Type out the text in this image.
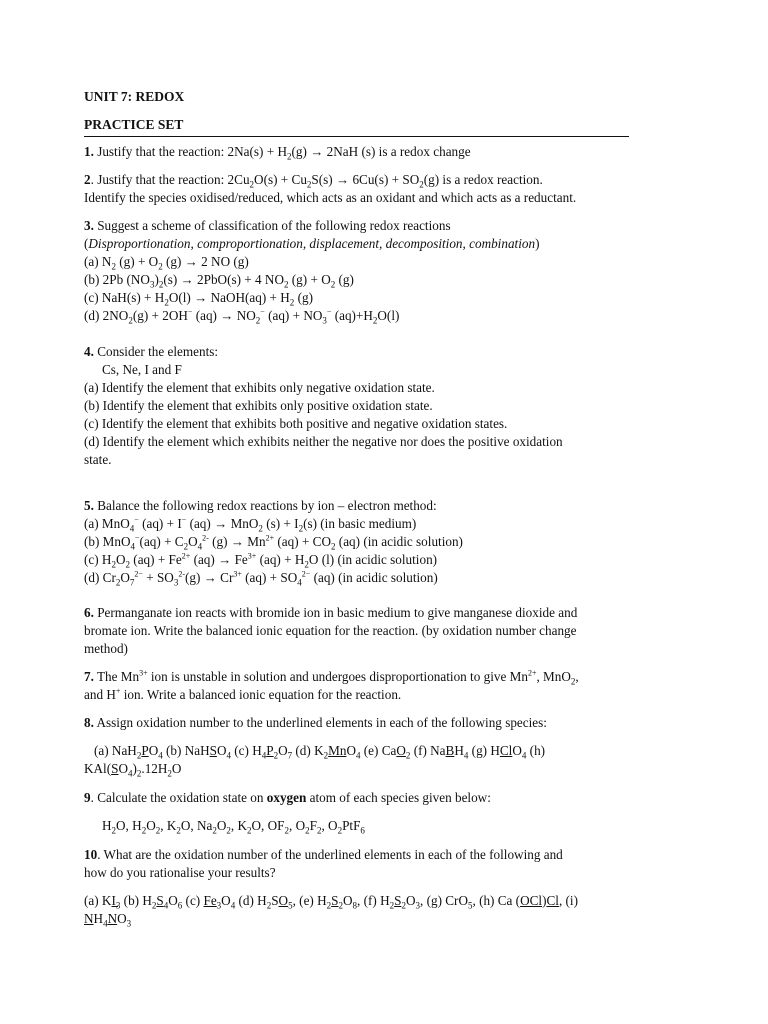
UNIT 7: REDOX

PRACTICE SET

1. Justify that the reaction: $2Na(s) + H_2(g) \to 2NaH$ (s) is a redox change
2. Justify that the reaction: $2Cu_2O(s) + Cu_2S(s) \to 6Cu(s) + SO_2(g)$ is a redox reaction.
Identify the species oxidised/reduced, which acts as an oxidant and which acts as a reductant.
3. Suggest a scheme of classification of the following redox reactions
(Disproportionation, comproportionation, displacement, decomposition, combination)
(a) $N_2$ $(g) + O_2$ (g) → 2 NO (g)
(b) 2Pb $(NO_3)_2(s) \to 2PbO(s) + 4$ $NO_2$ $(g) + O_2$ (g)
(c) $NaH(s) + H_2O(l)$ → NaOH(aq) + $H_2$ (g)
(d) $2NO_2(g) + 2OH^-$ $(aq) \to NO_2^-$ $(aq) + NO_3^-$ $(aq)+H_2O(l)$
4. Consider the elements:
Cs, Ne, I and F
(a) Identify the element that exhibits only negative oxidation state.
(b) Identify the element that exhibits only positive oxidation state.
(c) Identify the element that exhibits both positive and negative oxidation states.
(d) Identify the element which exhibits neither the negative nor does the positive oxidation
state.
5. Balance the following redox reactions by ion – electron method:
(a) MnO$_4$− (aq) + I− (aq) → MnO$_2$ $(s) + I_2(s)$ (in basic medium)
(b) $MnO_4^-(aq) + C_2O_4^{2-}$ $(g) \to Mn^{2+}$ $(aq) + CO_2$ (aq) (in acidic solution)
(c) $H_2O_2$ $(aq) + Fe^{2+}$ $(aq) \to Fe^{3+}$ $(aq) + H_2O$ (l) (in acidic solution)
(d) $Cr_2O_7^{2-} + SO_3^{2-}(g) \to Cr^{3+}$ $(aq) + SO_4^{2-}$ (aq) (in acidic solution)
6. Permanganate ion reacts with bromide ion in basic medium to give manganese dioxide and
bromate ion. Write the balanced ionic equation for the reaction. (by oxidation number change
method)
7. The $Mn^{3+}$ ion is unstable in solution and undergoes disproportionation to give $Mn^{2+}$, MnO$_2$,
and H+ ion. Write a balanced ionic equation for the reaction.
8. Assign oxidation number to the underlined elements in each of the following species:
(a) $NaH_2PO_4$ (b) NaHSO$_4$ (c) $H_4P_2O_7$ (d) $K_2MnO_4$ (e) CaO$_2$ (f) NaBH$_4$ (g) HClO$_4$ (h)
$KAl(SO_4)_2.12H_2O$
9. Calculate the oxidation state on oxygen atom of each species given below:
$H_2O$, $H_2O_2$, $K_2O$, $Na_2O_2$, $K_2O$, $OF_2$, $O_2F_2$, $O_2PtF_6$
10. What are the oxidation number of the underlined elements in each of the following and
how do you rationalise your results?
(a) $KI_3$ (b) $H_2S_4O_6$ (c) $Fe_3O_4$ (d) $H_2SO_5$, (e) $H_2S_2O_8$, (f) $H_2S_2O_3$, (g) CrO$_5$, (h) Ca (OCl)Cl, (i)
$NH_4NO_3$
